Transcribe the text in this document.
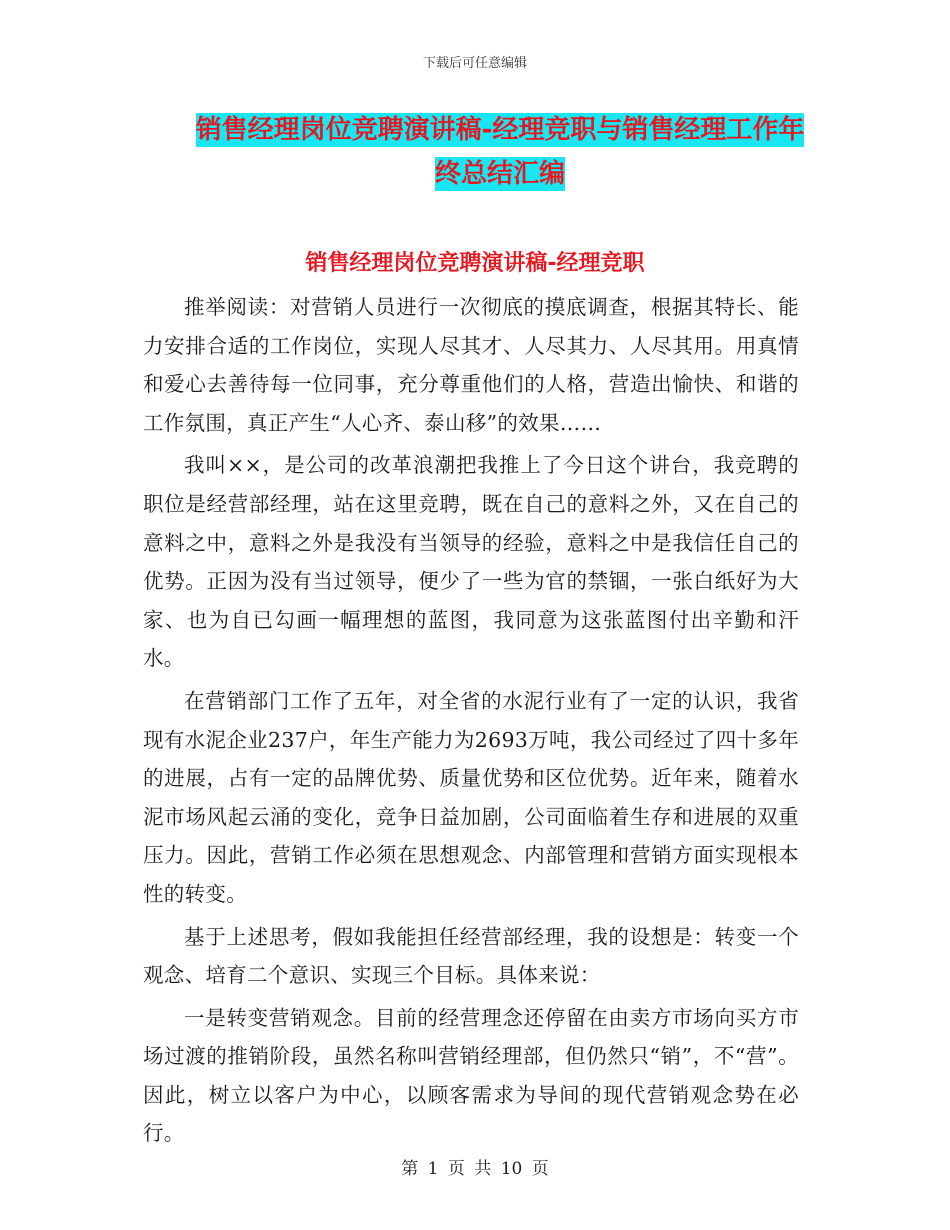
下载后可任意编辑
销售经理岗位竞聘演讲稿-经理竞职与销售经理工作年
终总结汇编
销售经理岗位竞聘演讲稿-经理竞职

推举阅读：对营销人员进行一次彻底的摸底调查，根据其特长、能力安排合适的工作岗位，实现人尽其才、人尽其力、人尽其用。用真情和爱心去善待每一位同事，充分尊重他们的人格，营造出愉快、和谐的工作氛围，真正产生“人心齐、泰山移”的效果……

我叫××，是公司的改革浪潮把我推上了今日这个讲台，我竞聘的职位是经营部经理，站在这里竞聘，既在自己的意料之外，又在自己的意料之中，意料之外是我没有当领导的经验，意料之中是我信任自己的优势。正因为没有当过领导，便少了一些为官的禁锢，一张白纸好为大家、也为自已勾画一幅理想的蓝图，我同意为这张蓝图付出辛勤和汗水。

在营销部门工作了五年，对全省的水泥行业有了一定的认识，我省现有水泥企业237户，年生产能力为2693万吨，我公司经过了四十多年的进展，占有一定的品牌优势、质量优势和区位优势。近年来，随着水泥市场风起云涌的变化，竞争日益加剧，公司面临着生存和进展的双重压力。因此，营销工作必须在思想观念、内部管理和营销方面实现根本性的转变。

基于上述思考，假如我能担任经营部经理，我的设想是：转变一个观念、培育二个意识、实现三个目标。具体来说：

一是转变营销观念。目前的经营理念还停留在由卖方市场向买方市场过渡的推销阶段，虽然名称叫营销经理部，但仍然只“销”，不“营”。因此，树立以客户为中心，以顾客需求为导间的现代营销观念势在必行。

第 1 页 共 10 页
